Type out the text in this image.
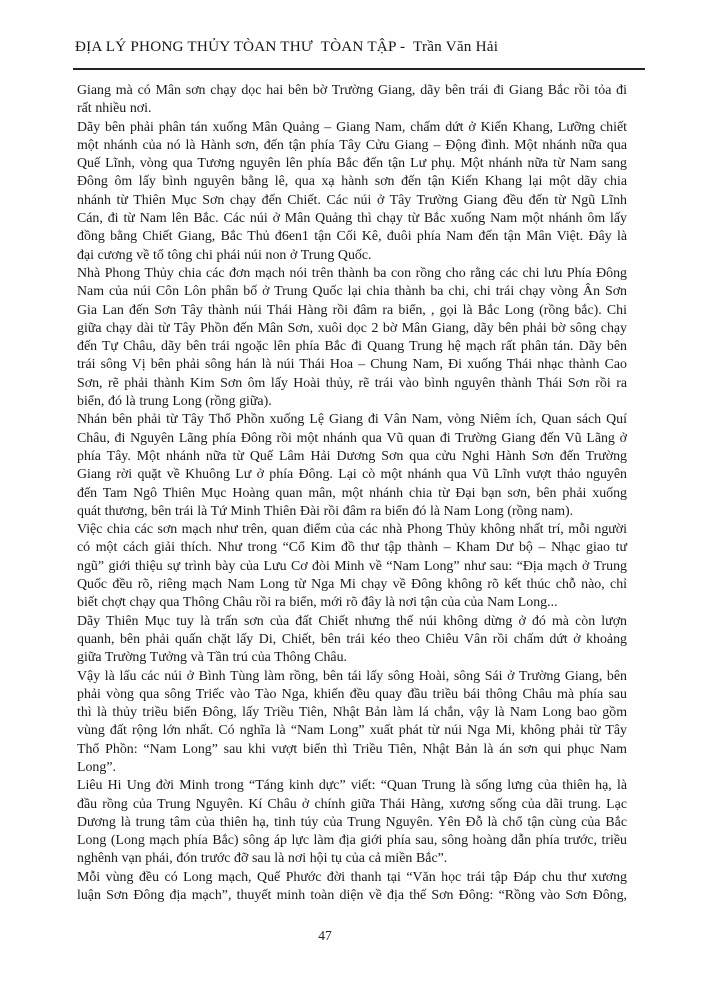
ĐỊA LÝ PHONG THỦY TÒAN THƯ  TÒAN TẬP -  Trần Văn Hải
Giang mà có Mân sơn chạy dọc hai bên bờ Trường Giang, dãy bên trái đi Giang Bắc rồi tỏa đi
rất nhiều nơi.
Dãy bên phải phân tán xuống Mân Quảng – Giang Nam, chấm dứt ở Kiến Khang, Lưỡng chiết
một nhánh của nó là Hành sơn, đến tận phía Tây Cửu Giang – Động đình. Một nhánh nữa qua
Quế Lĩnh, vòng qua Tương nguyên lên phía Bắc đến tận Lư phụ. Một nhánh nữa từ Nam sang
Đông ôm lấy bình nguyên bằng lê, qua xạ hành sơn đến tận Kiến Khang lại một dãy chia
nhánh từ Thiên Mục Sơn chạy đến Chiết. Các núi ở Tây Trường Giang đều đến từ Ngũ Lĩnh
Cán, đi từ Nam lên Bắc. Các núi ở Mân Quảng thì chạy từ Bắc xuống Nam một nhánh ôm lấy
đồng bằng Chiết Giang, Bắc Thủ đ6en1 tận Cối Kê, đuôi phía Nam đến tận Mân Việt. Đây là
đại cương về tổ tông chi phái núi non ở Trung Quốc.
Nhà Phong Thủy chia các đơn mạch nói trên thành ba con rồng cho rằng các chi lưu Phía Đông
Nam của núi Côn Lôn phân bố ở Trung Quốc lại chia thành ba chi, chi trái chạy vòng Ân Sơn
Gia Lan đến Sơn Tây thành núi Thái Hàng rồi đâm ra biển, , gọi là Bắc Long (rồng bắc). Chi
giữa chạy dài từ Tây Phồn đến Mân Sơn, xuôi dọc 2 bờ Mân Giang, dãy bên phải bờ sông chạy
đến Tự Châu, dãy bên trái ngoặc lên phía Bắc đi Quang Trung hệ mạch rất phân tán. Dãy bên
trái sông Vị bên phải sông hán là núi Thái Hoa – Chung Nam, Đi xuống Thái nhạc thành Cao
Sơn, rẽ phải thành Kim Sơn ôm lấy Hoài thủy, rẽ trái vào bình nguyên thành Thái Sơn rồi ra
biển, đó là trung Long (rồng giữa).
Nhán bên phải từ Tây Thổ Phồn xuống Lệ Giang đi Vân Nam, vòng Niêm ích, Quan sách Quí
Châu, đi Nguyên Lãng phía Đông rồi một nhánh qua Vũ quan đi Trường Giang đến Vũ Lãng ở
phía Tây. Một nhánh nữa từ Quế Lâm Hải Dương Sơn qua cửu Nghi Hành Sơn đến Trường
Giang rời quặt về Khuông Lư ở phía Đông. Lại cò một nhánh qua Vũ Lĩnh vượt thảo nguyên
đến Tam Ngô Thiên Mục Hoàng quan mân, một nhánh chia từ Đại bạn sơn, bên phải xuống
quát thương, bên trái là Tứ Minh Thiên Đài rồi đâm ra biển đó là Nam Long (rồng nam).
Việc chia các sơn mạch như trên, quan điểm của các nhà Phong Thủy không nhất trí, mỗi người
có một cách giải thích. Như trong “Cổ Kim đồ thư tập thành – Kham Dư bộ – Nhạc giao tư
ngũ” giới thiệu sự trình bày của Lưu Cơ đòi Minh về “Nam Long” như sau: “Địa mạch ở Trung
Quốc đều rõ, riêng mạch Nam Long từ Nga Mi chạy về Đông không rõ kết thúc chỗ nào, chỉ
biết chợt chạy qua Thông Châu rồi ra biển, mới rõ đây là nơi tận của của Nam Long...
Dãy Thiên Mục tuy là trấn sơn của đất Chiết nhưng thế núi không dừng ở đó mà còn lượn
quanh, bên phải quấn chặt lấy Di, Chiết, bên trái kéo theo Chiêu Vân rồi chấm dứt ở khoảng
giữa Trường Tưởng và Tần trú của Thông Châu.
Vậy là lấu các núi ở Bình Tùng làm rồng, bên tái lấy sông Hoài, sông Sái ở Trường Giang, bên
phải vòng qua sông Triếc vào Tào Nga, khiến đều quay đầu triều bái thông Châu mà phía sau
thì là thủy triều biển Đông, lấy Triều Tiên, Nhật Bản làm lá chắn, vậy là Nam Long bao gồm
vùng đất rộng lớn nhất. Có nghĩa là “Nam Long” xuất phát từ núi Nga Mi, không phải từ Tây
Thổ Phồn: “Nam Long” sau khi vượt biển thì Triều Tiên, Nhật Bản là án sơn qui phục Nam
Long”.
Liêu Hi Ung đời Minh trong “Táng kinh dực” viết: “Quan Trung là sống lưng của thiên hạ, là
đầu rồng của Trung Nguyên. Kí Châu ở chính giữa Thái Hàng, xương sống của dãi trung. Lạc
Dương là trung tâm của thiên hạ, tinh túy của Trung Nguyên. Yên Đỗ là chổ tận cùng của Bắc
Long (Long mạch phía Bắc) sông áp lực làm địa giới phía sau, sông hoàng dẫn phía trước, triều
nghênh vạn phái, đón trước đỡ sau là nơi hội tụ của cả miền Bắc”.
Mỗi vùng đều có Long mạch, Quế Phước đời thanh tại “Văn học trái tập Đáp chu thư xương
luận Sơn Đông địa mạch”, thuyết minh toàn diện về địa thế Sơn Đông: “Rồng vào Sơn Đông,
47
